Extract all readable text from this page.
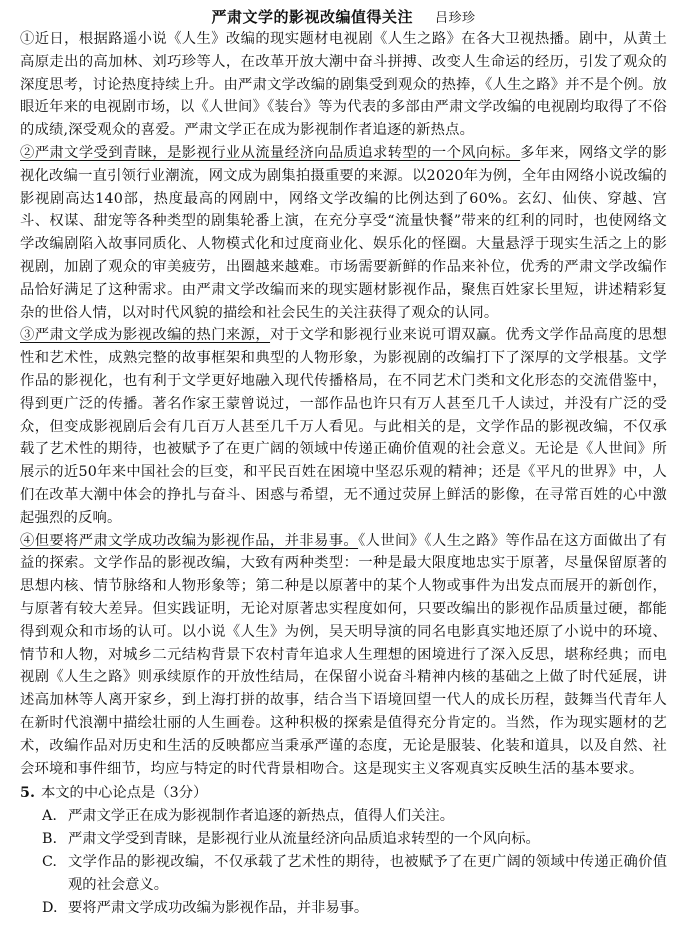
严肃文学的影视改编值得关注 吕珍珍

①近日，根据路遥小说《人生》改编的现实题材电视剧《人生之路》在各大卫视热播。剧中，从黄土高原走出的高加林、刘巧珍等人，在改革开放大潮中奋斗拼搏、改变人生命运的经历，引发了观众的深度思考，讨论热度持续上升。由严肃文学改编的剧集受到观众的热捧，《人生之路》并不是个例。放眼近年来的电视剧市场，以《人世间》《装台》等为代表的多部由严肃文学改编的电视剧均取得了不俗的成绩,深受观众的喜爱。严肃文学正在成为影视制作者追逐的新热点。

②严肃文学受到青睐，是影视行业从流量经济向品质追求转型的一个风向标。多年来，网络文学的影视化改编一直引领行业潮流，网文成为剧集拍摄重要的来源。以2020年为例，全年由网络小说改编的影视剧高达140部，热度最高的网剧中，网络文学改编的比例达到了60%。玄幻、仙侠、穿越、宫斗、权谋、甜宠等各种类型的剧集轮番上演，在充分享受“流量快餐”带来的红利的同时，也使网络文学改编剧陷入故事同质化、人物模式化和过度商业化、娱乐化的怪圈。大量悬浮于现实生活之上的影视剧，加剧了观众的审美疲劳，出圈越来越难。市场需要新鲜的作品来补位，优秀的严肃文学改编作品恰好满足了这种需求。由严肃文学改编而来的现实题材影视作品，聚焦百姓家长里短，讲述精彩复杂的世俗人情，以对时代风貌的描绘和社会民生的关注获得了观众的认同。

③严肃文学成为影视改编的热门来源，对于文学和影视行业来说可谓双赢。优秀文学作品高度的思想性和艺术性，成熟完整的故事框架和典型的人物形象，为影视剧的改编打下了深厚的文学根基。文学作品的影视化，也有利于文学更好地融入现代传播格局，在不同艺术门类和文化形态的交流借鉴中，得到更广泛的传播。著名作家王蒙曾说过，一部作品也许只有万人甚至几千人读过，并没有广泛的受众，但变成影视剧后会有几百万人甚至几千万人看见。与此相关的是，文学作品的影视改编，不仅承载了艺术性的期待，也被赋予了在更广阔的领域中传递正确价值观的社会意义。无论是《人世间》所展示的近50年来中国社会的巨变，和平民百姓在困境中坚忍乐观的精神；还是《平凡的世界》中，人们在改革大潮中体会的挣扎与奋斗、困惑与希望，无不通过荧屏上鲜活的影像，在寻常百姓的心中激起强烈的反响。

④但要将严肃文学成功改编为影视作品，并非易事。《人世间》《人生之路》等作品在这方面做出了有益的探索。文学作品的影视改编，大致有两种类型：一种是最大限度地忠实于原著，尽量保留原著的思想内核、情节脉络和人物形象等；第二种是以原著中的某个人物或事件为出发点而展开的新创作，与原著有较大差异。但实践证明，无论对原著忠实程度如何，只要改编出的影视作品质量过硬，都能得到观众和市场的认可。以小说《人生》为例，吴天明导演的同名电影真实地还原了小说中的环境、情节和人物，对城乡二元结构背景下农村青年追求人生理想的困境进行了深入反思，堪称经典；而电视剧《人生之路》则承续原作的开放性结局，在保留小说奋斗精神内核的基础之上做了时代延展，讲述高加林等人离开家乡，到上海打拼的故事，结合当下语境回望一代人的成长历程，鼓舞当代青年人在新时代浪潮中描绘壮丽的人生画卷。这种积极的探索是值得充分肯定的。当然，作为现实题材的艺术，改编作品对历史和生活的反映都应当秉承严谨的态度，无论是服装、化装和道具，以及自然、社会环境和事件细节，均应与特定的时代背景相吻合。这是现实主义客观真实反映生活的基本要求。

5. 本文的中心论点是（3分）
A. 严肃文学正在成为影视制作者追逐的新热点，值得人们关注。
B. 严肃文学受到青睐，是影视行业从流量经济向品质追求转型的一个风向标。
C. 文学作品的影视改编，不仅承载了艺术性的期待，也被赋予了在更广阔的领域中传递正确价值观的社会意义。
D. 要将严肃文学成功改编为影视作品，并非易事。
